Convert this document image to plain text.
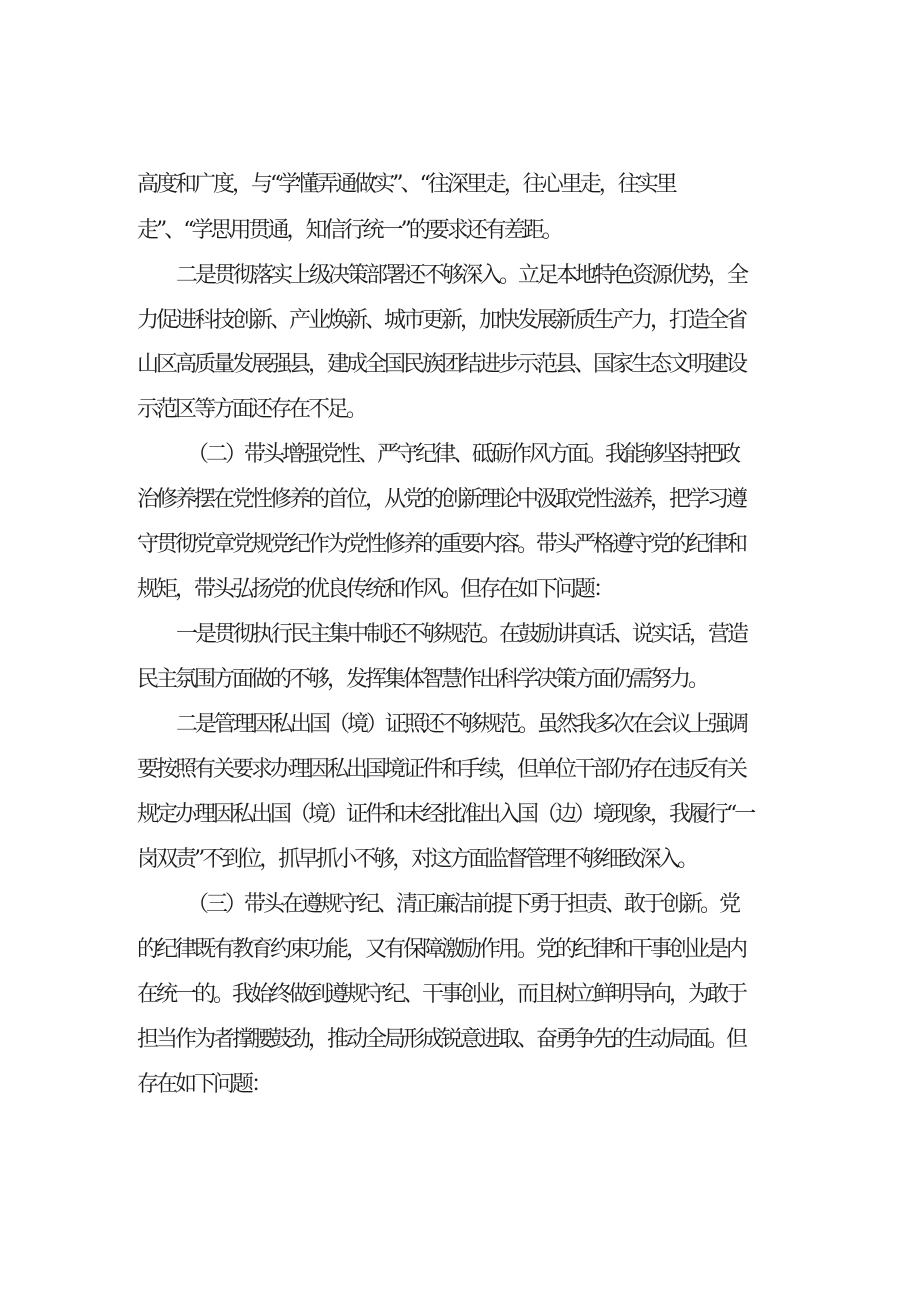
高度和广度，与“学懂弄通做实”、“往深里走，往心里走，往实里
走”、“学思用贯通，知信行统一”的要求还有差距。
二是贯彻落实上级决策部署还不够深入。立足本地特色资源优势，全
力促进科技创新、产业焕新、城市更新，加快发展新质生产力，打造全省
山区高质量发展强县，建成全国民族团结进步示范县、国家生态文明建设
示范区等方面还存在不足。
（二）带头增强党性、严守纪律、砥砺作风方面。我能够坚持把政
治修养摆在党性修养的首位，从党的创新理论中汲取党性滋养，把学习遵
守贯彻党章党规党纪作为党性修养的重要内容。带头严格遵守党的纪律和
规矩，带头弘扬党的优良传统和作风。但存在如下问题：
一是贯彻执行民主集中制还不够规范。在鼓励讲真话、说实话，营造
民主氛围方面做的不够，发挥集体智慧作出科学决策方面仍需努力。
二是管理因私出国（境）证照还不够规范。虽然我多次在会议上强调
要按照有关要求办理因私出国境证件和手续，但单位干部仍存在违反有关
规定办理因私出国（境）证件和未经批准出入国（边）境现象，我履行“一
岗双责”不到位，抓早抓小不够，对这方面监督管理不够细致深入。
（三）带头在遵规守纪、清正廉洁前提下勇于担责、敢于创新。党
的纪律既有教育约束功能，又有保障激励作用。党的纪律和干事创业是内
在统一的。我始终做到遵规守纪、干事创业，而且树立鲜明导向，为敢于
担当作为者撑腰鼓劲，推动全局形成锐意进取、奋勇争先的生动局面。但
存在如下问题：
